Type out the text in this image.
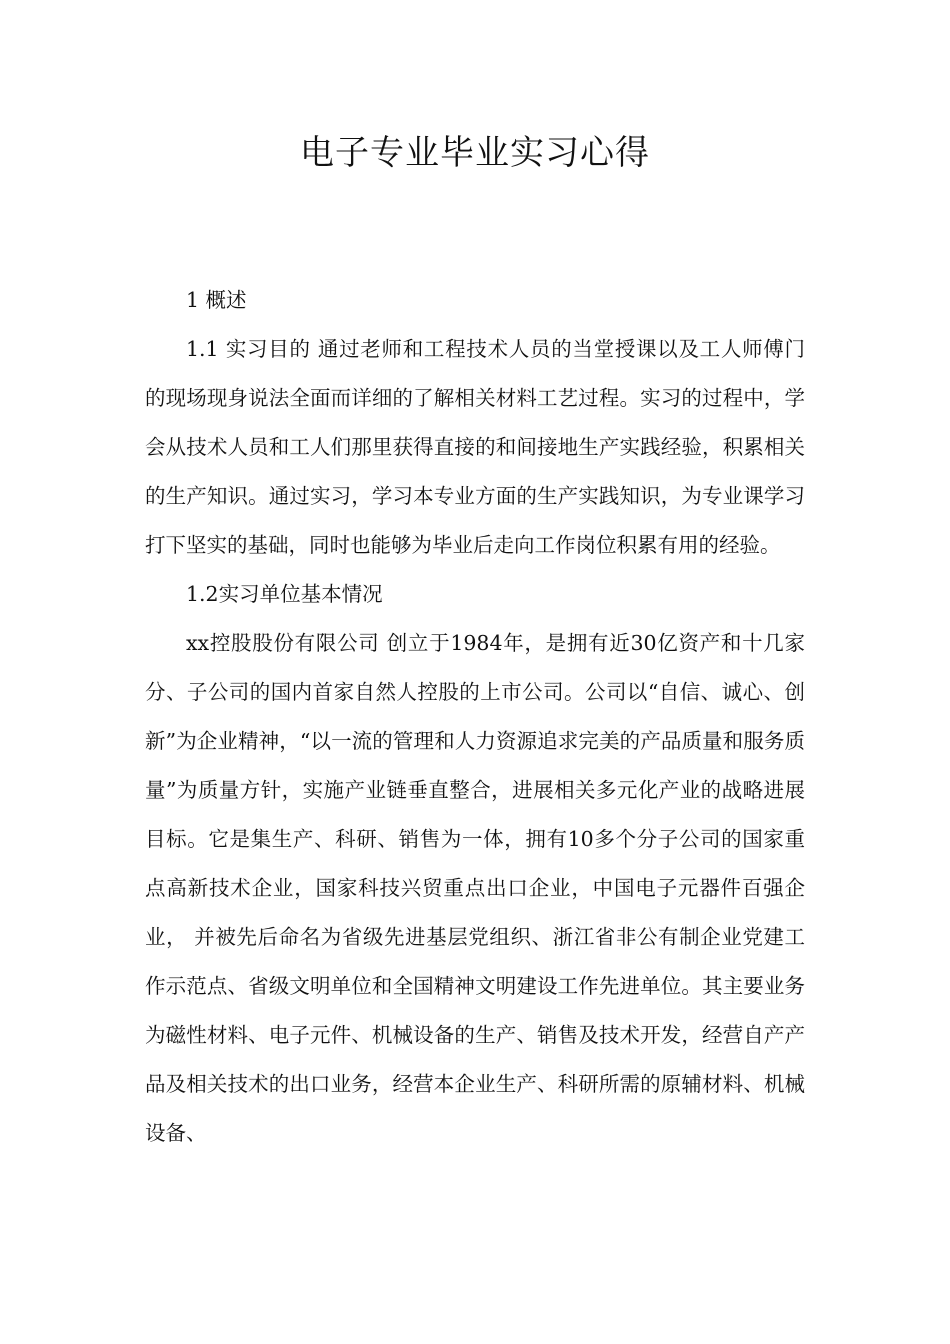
电子专业毕业实习心得

1 概述

1.1 实习目的 通过老师和工程技术人员的当堂授课以及工人师傅门的现场现身说法全面而详细的了解相关材料工艺过程。实习的过程中，学会从技术人员和工人们那里获得直接的和间接地生产实践经验，积累相关的生产知识。通过实习，学习本专业方面的生产实践知识，为专业课学习打下坚实的基础，同时也能够为毕业后走向工作岗位积累有用的经验。

1.2实习单位基本情况

xx控股股份有限公司 创立于1984年，是拥有近30亿资产和十几家分、子公司的国内首家自然人控股的上市公司。公司以“自信、诚心、创新”为企业精神，“以一流的管理和人力资源追求完美的产品质量和服务质量”为质量方针，实施产业链垂直整合，进展相关多元化产业的战略进展目标。它是集生产、科研、销售为一体，拥有10多个分子公司的国家重点高新技术企业，国家科技兴贸重点出口企业，中国电子元器件百强企业， 并被先后命名为省级先进基层党组织、浙江省非公有制企业党建工作示范点、省级文明单位和全国精神文明建设工作先进单位。其主要业务为磁性材料、电子元件、机械设备的生产、销售及技术开发，经营自产产品及相关技术的出口业务，经营本企业生产、科研所需的原辅材料、机械设备、
